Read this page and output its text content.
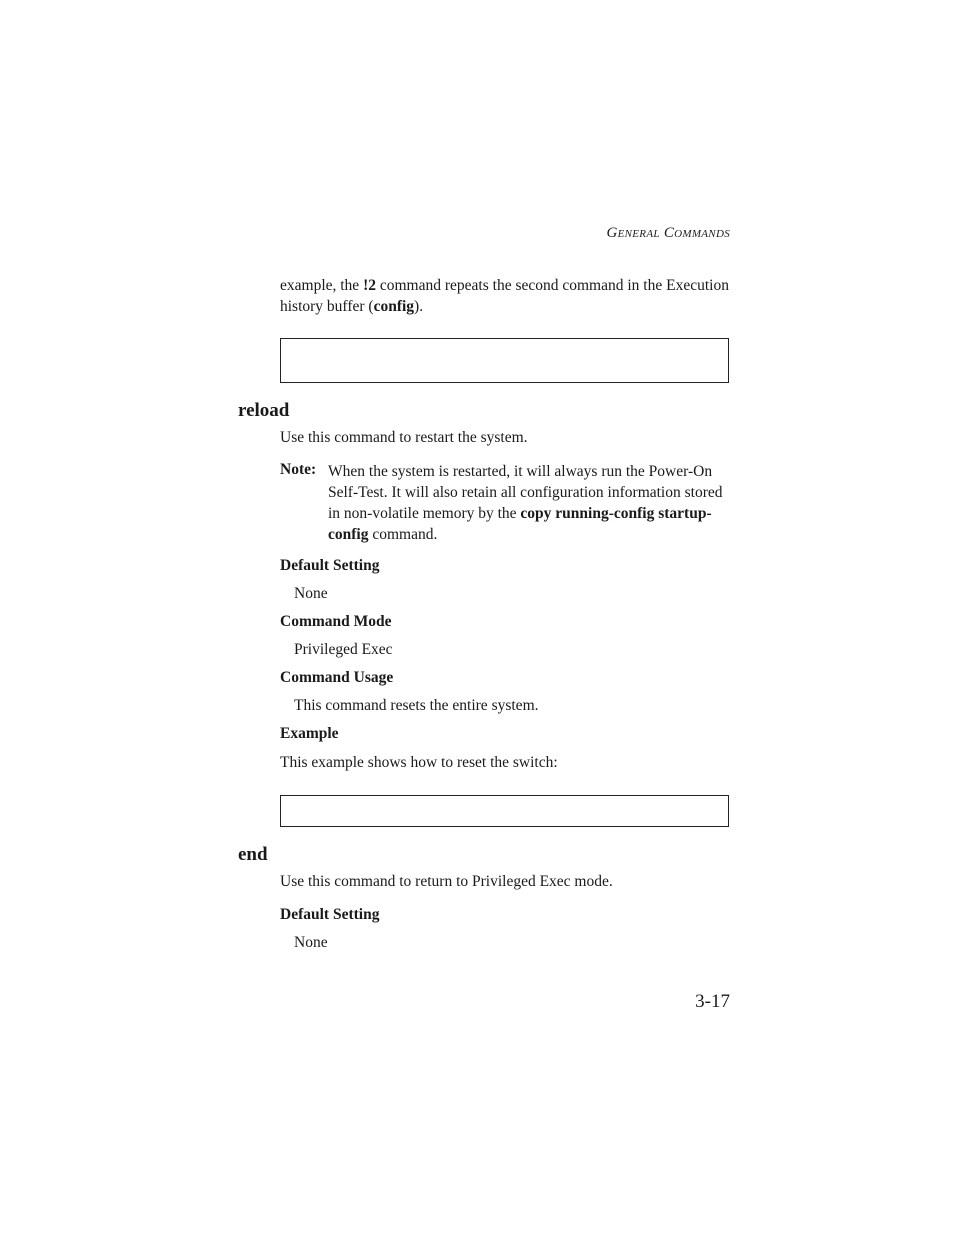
General Commands

example, the !2 command repeats the second command in the Execution history buffer (config).

reload
Use this command to restart the system.
Note: When the system is restarted, it will always run the Power-On Self-Test. It will also retain all configuration information stored in non-volatile memory by the copy running-config startup-config command.

Default Setting
None
Command Mode
Privileged Exec
Command Usage
This command resets the entire system.
Example
This example shows how to reset the switch:
end
Use this command to return to Privileged Exec mode.
Default Setting
None
3-17
